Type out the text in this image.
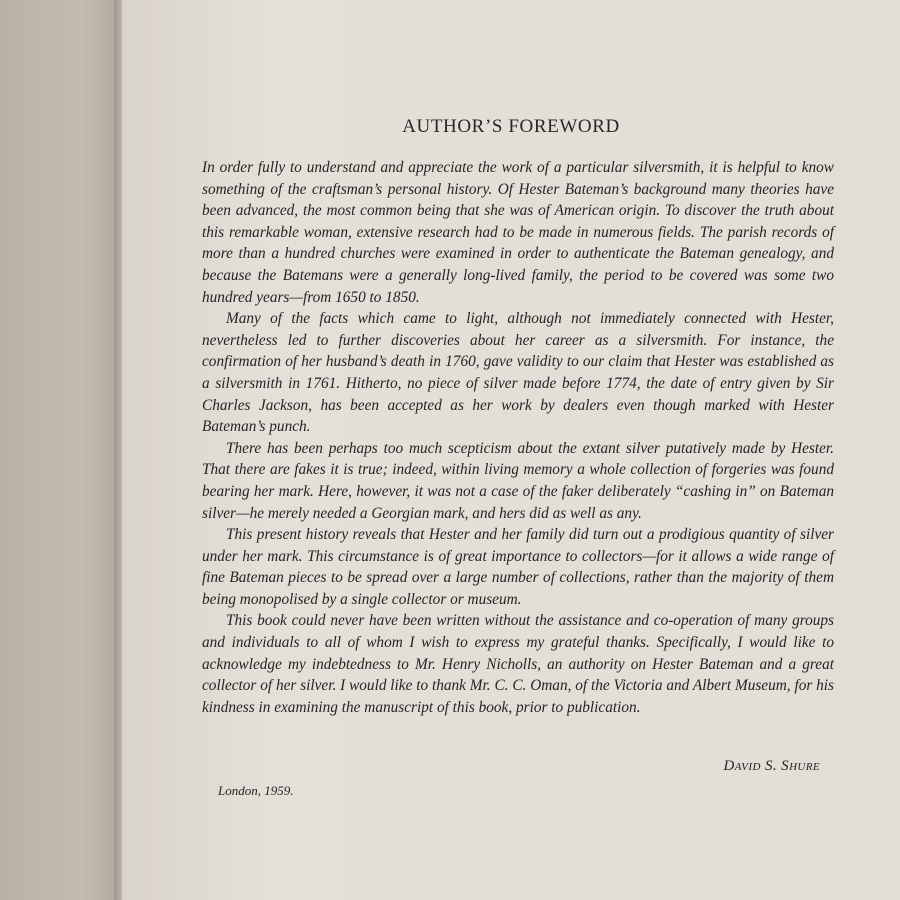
AUTHOR’S FOREWORD

In order fully to understand and appreciate the work of a particular silversmith, it is helpful to know something of the craftsman’s personal history. Of Hester Bateman’s background many theories have been advanced, the most common being that she was of American origin. To discover the truth about this remarkable woman, extensive research had to be made in numerous fields. The parish records of more than a hundred churches were examined in order to authenticate the Bateman genealogy, and because the Batemans were a generally long-lived family, the period to be covered was some two hundred years—from 1650 to 1850.

Many of the facts which came to light, although not immediately connected with Hester, nevertheless led to further discoveries about her career as a silversmith. For instance, the confirmation of her husband’s death in 1760, gave validity to our claim that Hester was established as a silversmith in 1761. Hitherto, no piece of silver made before 1774, the date of entry given by Sir Charles Jackson, has been accepted as her work by dealers even though marked with Hester Bateman’s punch.

There has been perhaps too much scepticism about the extant silver putatively made by Hester. That there are fakes it is true; indeed, within living memory a whole collection of forgeries was found bearing her mark. Here, however, it was not a case of the faker deliberately “cashing in” on Bateman silver—he merely needed a Georgian mark, and hers did as well as any.

This present history reveals that Hester and her family did turn out a prodigious quantity of silver under her mark. This circumstance is of great importance to collectors—for it allows a wide range of fine Bateman pieces to be spread over a large number of collections, rather than the majority of them being monopolised by a single collector or museum.

This book could never have been written without the assistance and co-operation of many groups and individuals to all of whom I wish to express my grateful thanks. Specifically, I would like to acknowledge my indebtedness to Mr. Henry Nicholls, an authority on Hester Bateman and a great collector of her silver. I would like to thank Mr. C. C. Oman, of the Victoria and Albert Museum, for his kindness in examining the manuscript of this book, prior to publication.

David S. Shure
London, 1959.
